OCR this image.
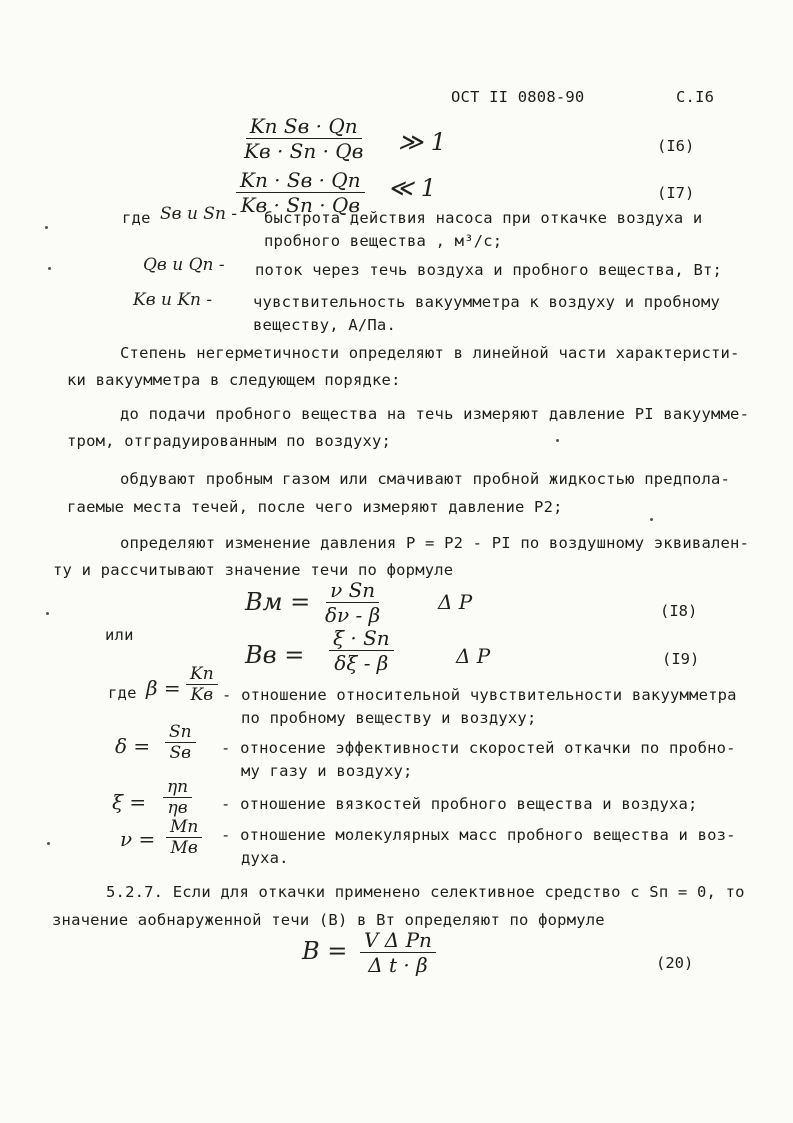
ОСТ II 0808-90	С.I6
Kп Sв · Qп
Kв · Sп · Qв ≫ 1	(I6)
Kп · Sв · Qп
Kв · Sп · Qв
≪ 1	(I7)
где Sв и Sп - быстрота действия насоса при откачке воздуха и
пробного вещества , м³/с;
Qв и Qп - поток через течь воздуха и пробного вещества, Вт;
Kв и Kп -	чувствительность вакуумметра к воздуху и пробному
веществу, А/Па.
Степень негерметичности определяют в линейной части характеристи-
ки вакуумметра в следующем порядке:
до подачи пробного вещества на течь измеряют давление PI вакуумме-
тром, отградуированным по воздуху;
обдувают пробным газом или смачивают пробной жидкостью предпола-
гаемые места течей, после чего измеряют давление P2;
определяют изменение давления P = P2 - PI по воздушному эквивален-
ту и рассчитывают значение течи по формуле
Bм = ν Sп
δν - β
Δ P	(I8)
или
Bв =
ξ · Sп
δξ - β	Δ P	(I9)
где β =
Kп
Kв - отношение относительной чувствительности вакуумметра
по пробному веществу и воздуху;
δ =
Sп
Sв - относение эффективности скоростей откачки по пробно-
му газу и воздуху;
ξ =
ηп
ηв - отношение вязкостей пробного вещества и воздуха;
ν = Mп
Mв
- отношение молекулярных масс пробного вещества и воз-
духа.
5.2.7. Если для откачки применено селективное средство с Sп = 0, то
значение аобнаруженной течи (B) в Вт определяют по формуле
B = V Δ Pп
Δ t · β	(20)
